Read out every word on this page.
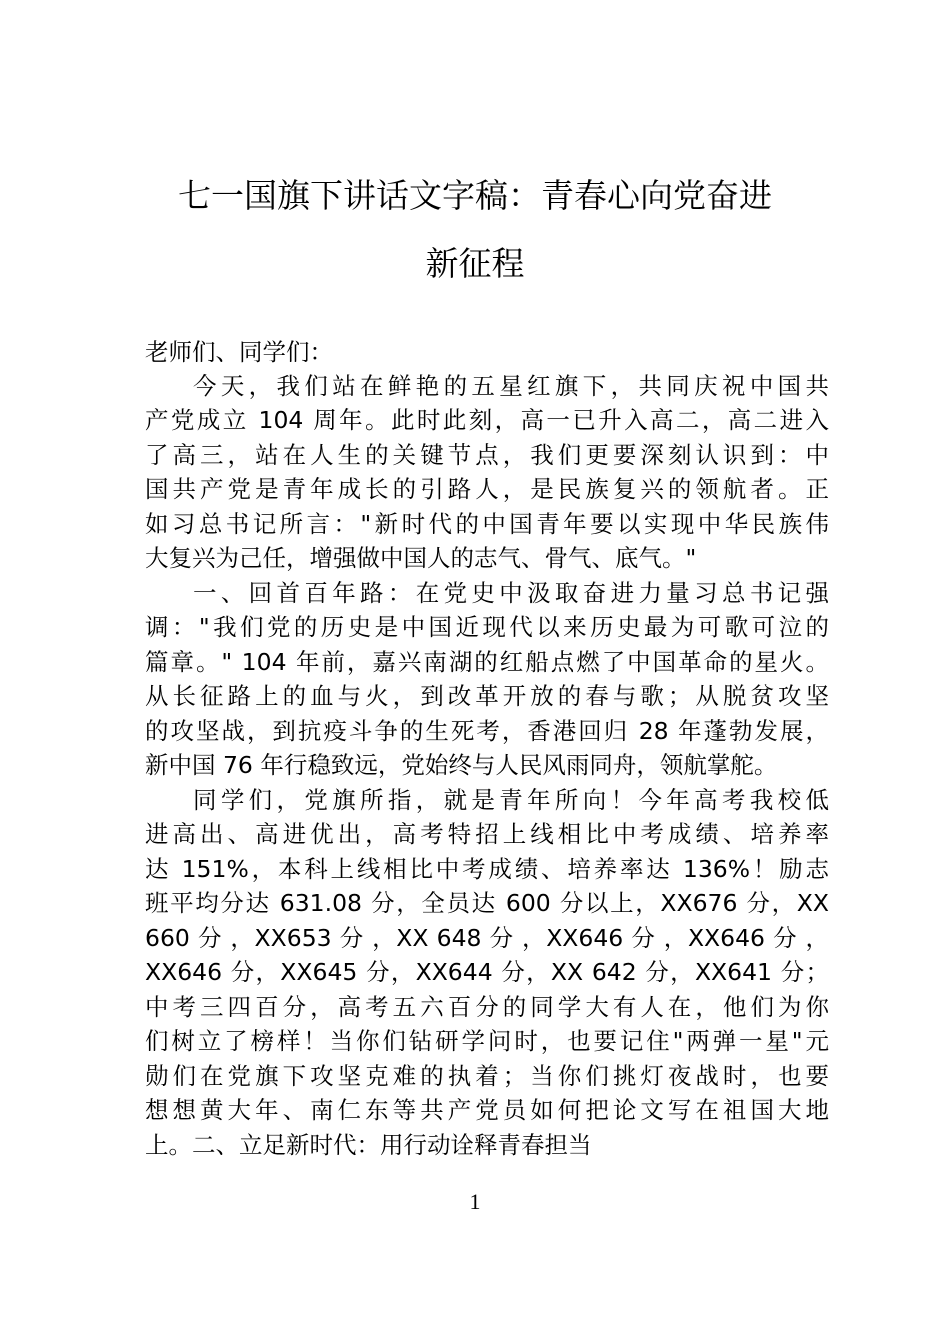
七一国旗下讲话文字稿：青春心向党奋进
新征程
老师们、同学们：
今天，我们站在鲜艳的五星红旗下，共同庆祝中国共
产党成立 104 周年。此时此刻，高一已升入高二，高二进入
了高三，站在人生的关键节点，我们更要深刻认识到：中
国共产党是青年成长的引路人，是民族复兴的领航者。正
如习总书记所言："新时代的中国青年要以实现中华民族伟
大复兴为己任，增强做中国人的志气、骨气、底气。"
一、回首百年路：在党史中汲取奋进力量习总书记强
调："我们党的历史是中国近现代以来历史最为可歌可泣的
篇章。" 104 年前，嘉兴南湖的红船点燃了中国革命的星火。
从长征路上的血与火，到改革开放的春与歌；从脱贫攻坚
的攻坚战，到抗疫斗争的生死考，香港回归 28 年蓬勃发展，
新中国 76 年行稳致远，党始终与人民风雨同舟，领航掌舵。
同学们，党旗所指，就是青年所向！今年高考我校低
进高出、高进优出，高考特招上线相比中考成绩、培养率
达 151%，本科上线相比中考成绩、培养率达 136%！励志
班平均分达 631.08 分，全员达 600 分以上，XX676 分，XX
660 分 ，XX653 分 ，XX 648 分 ，XX646 分 ，XX646 分 ，
XX646 分，XX645 分，XX644 分，XX 642 分，XX641 分；
中考三四百分，高考五六百分的同学大有人在，他们为你
们树立了榜样！当你们钻研学问时，也要记住"两弹一星"元
勋们在党旗下攻坚克难的执着；当你们挑灯夜战时，也要
想想黄大年、南仁东等共产党员如何把论文写在祖国大地
上。二、立足新时代：用行动诠释青春担当
1
